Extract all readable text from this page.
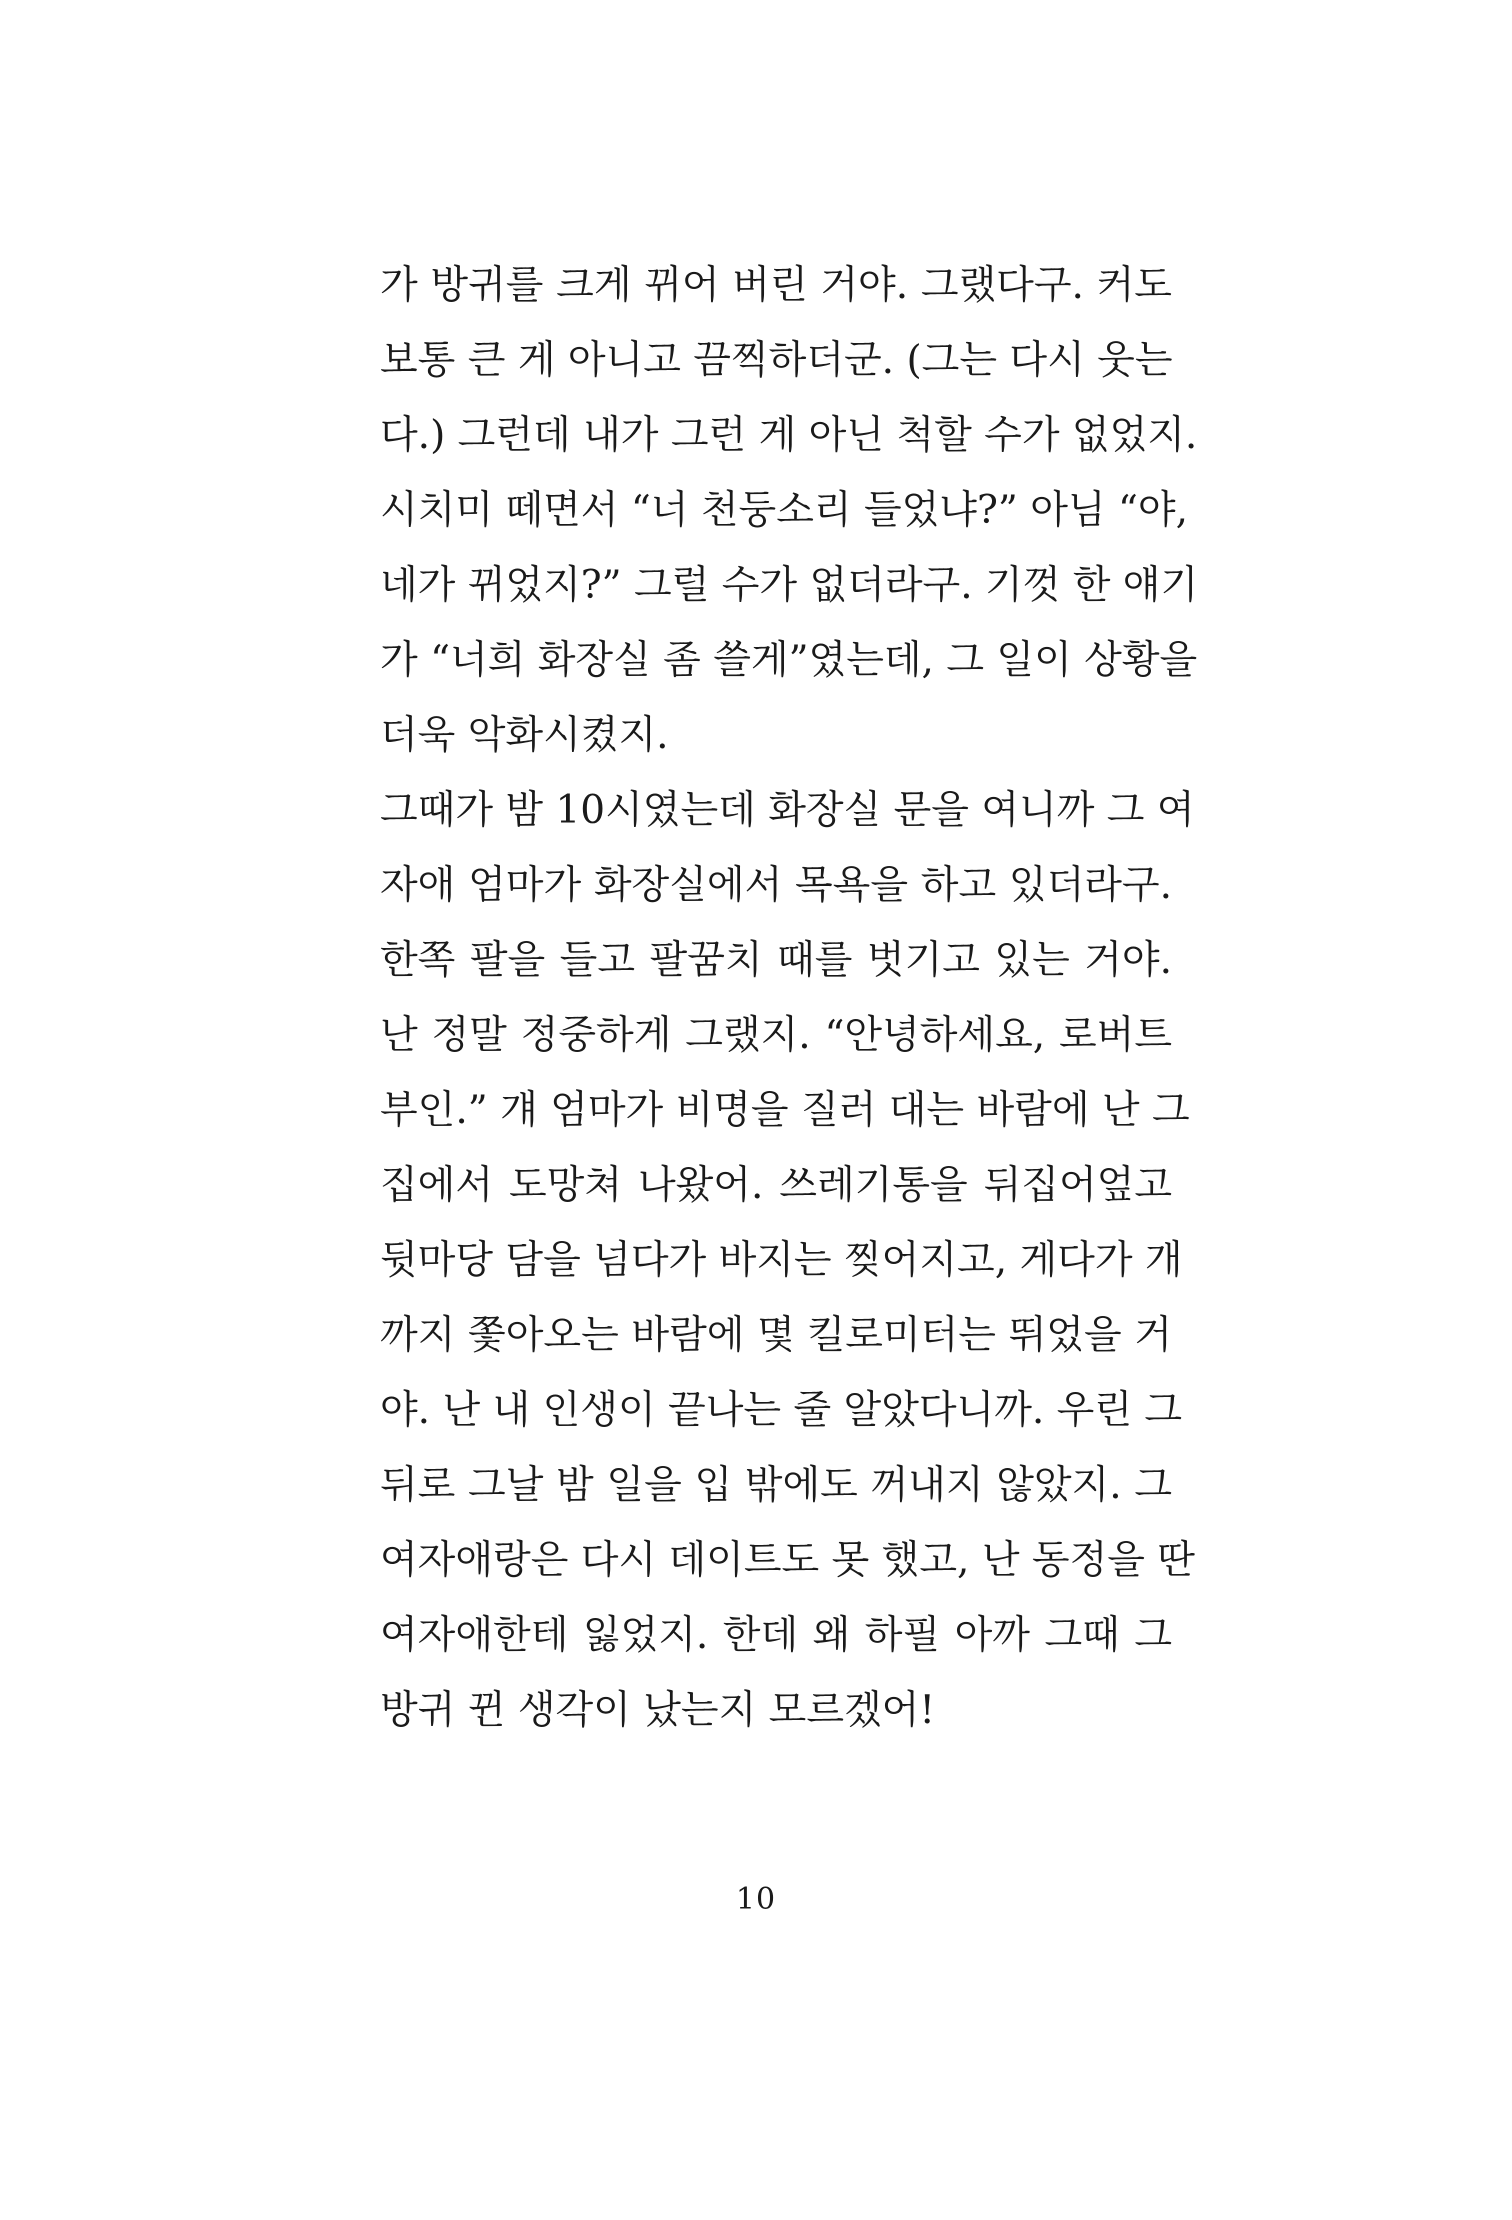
가 방귀를 크게 뀌어 버린 거야. 그랬다구. 커도
보통 큰 게 아니고 끔찍하더군. (그는 다시 웃는
다.) 그런데 내가 그런 게 아닌 척할 수가 없었지.
시치미 떼면서 “너 천둥소리 들었냐?” 아님 “야,
네가 뀌었지?” 그럴 수가 없더라구. 기껏 한 얘기
가 “너희 화장실 좀 쓸게”였는데, 그 일이 상황을
더욱 악화시켰지.
그때가 밤 10시였는데 화장실 문을 여니까 그 여
자애 엄마가 화장실에서 목욕을 하고 있더라구.
한쪽 팔을 들고 팔꿈치 때를 벗기고 있는 거야.
난 정말 정중하게 그랬지. “안녕하세요, 로버트
부인.” 걔 엄마가 비명을 질러 대는 바람에 난 그
집에서 도망쳐 나왔어. 쓰레기통을 뒤집어엎고
뒷마당 담을 넘다가 바지는 찢어지고, 게다가 개
까지 쫓아오는 바람에 몇 킬로미터는 뛰었을 거
야. 난 내 인생이 끝나는 줄 알았다니까. 우린 그
뒤로 그날 밤 일을 입 밖에도 꺼내지 않았지. 그
여자애랑은 다시 데이트도 못 했고, 난 동정을 딴
여자애한테 잃었지. 한데 왜 하필 아까 그때 그
방귀 뀐 생각이 났는지 모르겠어!
10
